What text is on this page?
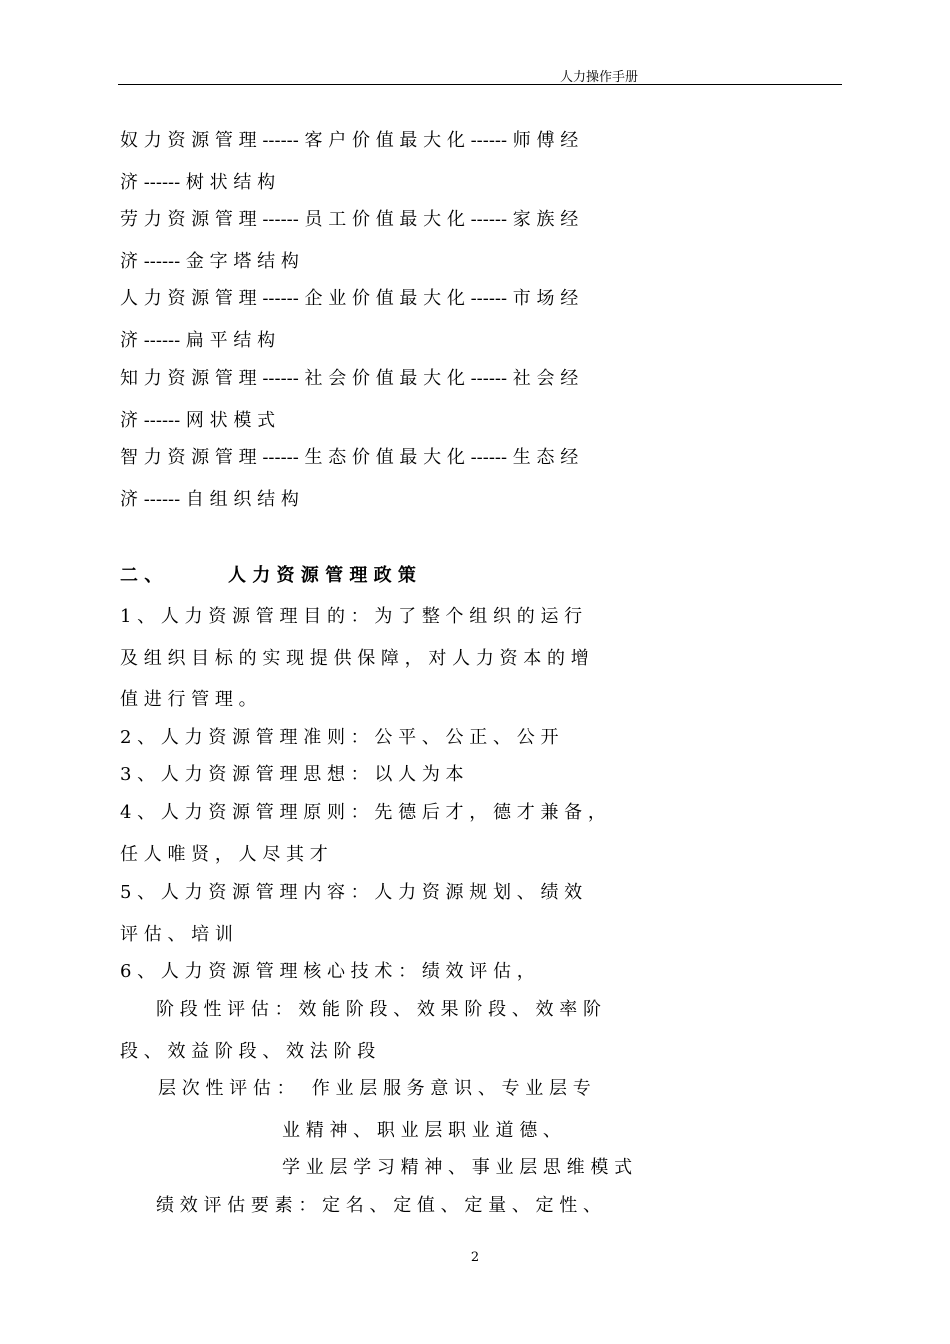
人力操作手册
奴 力 资 源 管 理 ------ 客 户 价 值 最 大 化 ------ 师 傅 经
济 ------ 树 状 结 构
劳 力 资 源 管 理 ------ 员 工 价 值 最 大 化 ------ 家 族 经
济 ------ 金 字 塔 结 构
人 力 资 源 管 理 ------ 企 业 价 值 最 大 化 ------ 市 场 经
济 ------ 扁 平 结 构
知 力 资 源 管 理 ------ 社 会 价 值 最 大 化 ------ 社 会 经
济 ------ 网 状 模 式
智 力 资 源 管 理 ------ 生 态 价 值 最 大 化 ------ 生 态 经
济 ------ 自 组 织 结 构
二 、	人 力 资 源 管 理 政 策
1 、 人 力 资 源 管 理 目 的 ： 为 了 整 个 组 织 的 运 行
及 组 织 目 标 的 实 现 提 供 保 障 ， 对 人 力 资 本 的 增
值 进 行 管 理 。
2 、 人 力 资 源 管 理 准 则 ： 公 平 、 公 正 、 公 开
3 、 人 力 资 源 管 理 思 想 ： 以 人 为 本
4 、 人 力 资 源 管 理 原 则 ： 先 德 后 才 ， 德 才 兼 备 ，
任 人 唯 贤 ， 人 尽 其 才
5 、 人 力 资 源 管 理 内 容 ： 人 力 资 源 规 划 、 绩 效
评 估 、 培 训
6 、 人 力 资 源 管 理 核 心 技 术 ： 绩 效 评 估 ，
阶 段 性 评 估 ： 效 能 阶 段 、 效 果 阶 段 、 效 率 阶
段 、 效 益 阶 段 、 效 法 阶 段
层 次 性 评 估 ：   作 业 层 服 务 意 识 、 专 业 层 专
业 精 神 、 职 业 层 职 业 道 德 、
学 业 层 学 习 精 神 、 事 业 层 思 维 模 式
绩 效 评 估 要 素 ： 定 名 、 定 值 、 定 量 、 定 性 、
2
